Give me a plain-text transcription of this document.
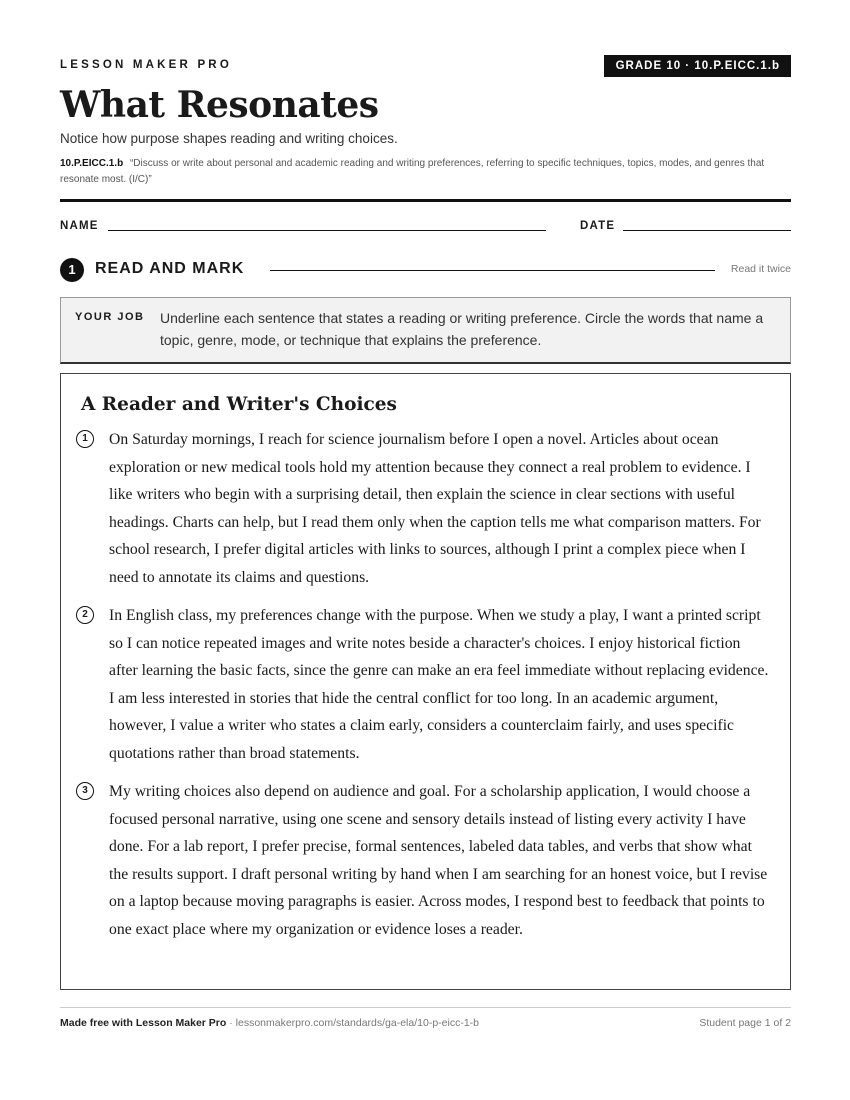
LESSON MAKER PRO	GRADE 10 · 10.P.EICC.1.b
What Resonates
Notice how purpose shapes reading and writing choices.
10.P.EICC.1.b “Discuss or write about personal and academic reading and writing preferences, referring to specific techniques, topics, modes, and genres that resonate most. (I/C)”
NAME	DATE
1	READ AND MARK	Read it twice
YOUR JOB Underline each sentence that states a reading or writing preference. Circle the words that name a topic, genre, mode, or technique that explains the preference.
A Reader and Writer's Choices
1	On Saturday mornings, I reach for science journalism before I open a novel. Articles about ocean exploration or new medical tools hold my attention because they connect a real problem to evidence. I like writers who begin with a surprising detail, then explain the science in clear sections with useful headings. Charts can help, but I read them only when the caption tells me what comparison matters. For school research, I prefer digital articles with links to sources, although I print a complex piece when I need to annotate its claims and questions.

2	In English class, my preferences change with the purpose. When we study a play, I want a printed script so I can notice repeated images and write notes beside a character's choices. I enjoy historical fiction after learning the basic facts, since the genre can make an era feel immediate without replacing evidence. I am less interested in stories that hide the central conflict for too long. In an academic argument, however, I value a writer who states a claim early, considers a counterclaim fairly, and uses specific quotations rather than broad statements.

3	My writing choices also depend on audience and goal. For a scholarship application, I would choose a focused personal narrative, using one scene and sensory details instead of listing every activity I have done. For a lab report, I prefer precise, formal sentences, labeled data tables, and verbs that show what the results support. I draft personal writing by hand when I am searching for an honest voice, but I revise on a laptop because moving paragraphs is easier. Across modes, I respond best to feedback that points to one exact place where my organization or evidence loses a reader.

Made free with Lesson Maker Pro · lessonmakerpro.com/standards/ga-ela/10-p-eicc-1-b	Student page 1 of 2
